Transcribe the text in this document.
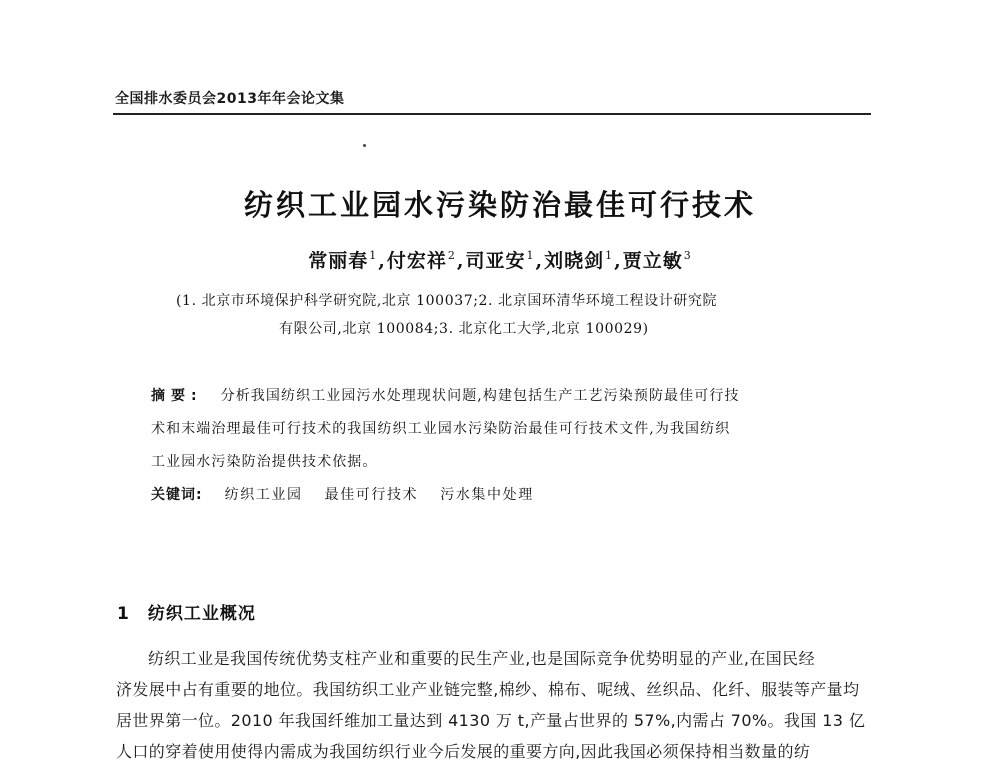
全国排水委员会2013年年会论文集
纺织工业园水污染防治最佳可行技术
常丽春$^1$,付宏祥$^2$,司亚安$^1$,刘晓剑$^1$,贾立敏$^3$
(1. 北京市环境保护科学研究院,北京 100037;2. 北京国环清华环境工程设计研究院
有限公司,北京 100084;3. 北京化工大学,北京 100029)
摘要: 分析我国纺织工业园污水处理现状问题,构建包括生产工艺污染预防最佳可行技
术和末端治理最佳可行技术的我国纺织工业园水污染防治最佳可行技术文件,为我国纺织
工业园水污染防治提供技术依据。
关键词: 纺织工业园 最佳可行技术 污水集中处理
1 纺织工业概况
纺织工业是我国传统优势支柱产业和重要的民生产业,也是国际竞争优势明显的产业,在国民经
济发展中占有重要的地位。我国纺织工业产业链完整,棉纱、棉布、呢绒、丝织品、化纤、服装等产量均
居世界第一位。2010 年我国纤维加工量达到 4130 万 t,产量占世界的 57%,内需占 70%。我国 13 亿
人口的穿着使用使得内需成为我国纺织行业今后发展的重要方向,因此我国必须保持相当数量的纺
